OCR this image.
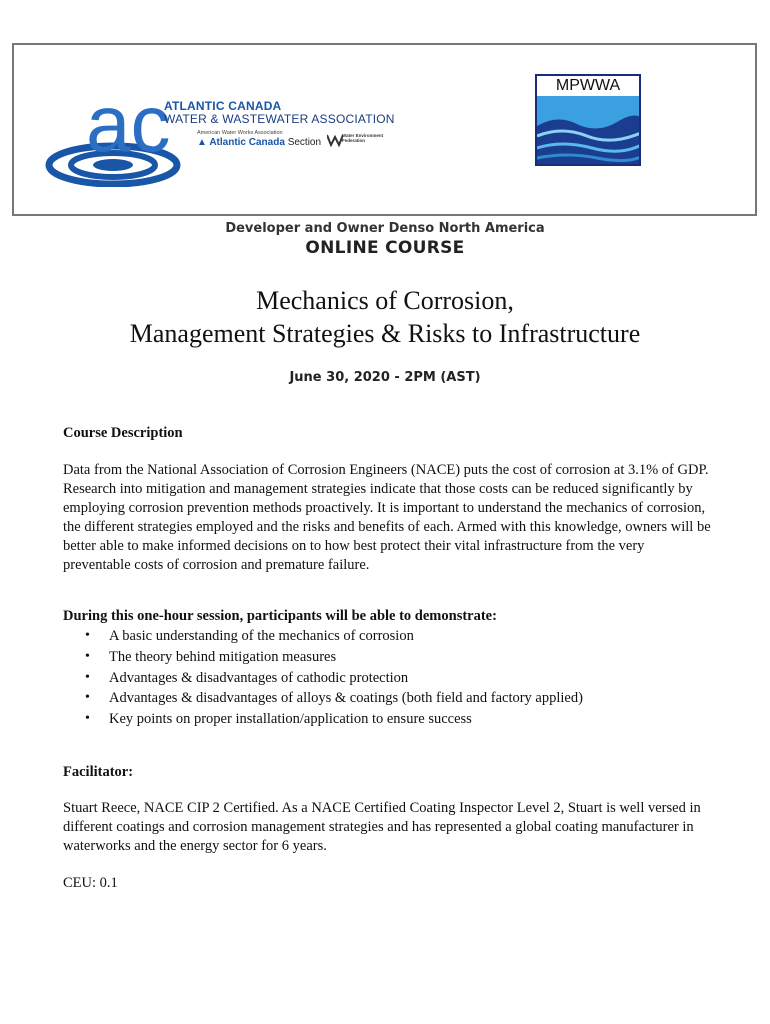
ac
ATLANTIC CANADA
WATER & WASTEWATER ASSOCIATION
American Water Works Association
▲ Atlantic Canada Section
Water Environment Federation
MPWWA
Developer and Owner Denso North America
ONLINE COURSE
Mechanics of Corrosion,
Management Strategies & Risks to Infrastructure
June 30, 2020 - 2PM (AST)
Course Description
Data from the National Association of Corrosion Engineers (NACE) puts the cost of corrosion at 3.1% of GDP. Research into mitigation and management strategies indicate that those costs can be reduced significantly by employing corrosion prevention methods proactively. It is important to understand the mechanics of corrosion, the different strategies employed and the risks and benefits of each. Armed with this knowledge, owners will be better able to make informed decisions on to how best protect their vital infrastructure from the very preventable costs of corrosion and premature failure.
During this one-hour session, participants will be able to demonstrate:
• A basic understanding of the mechanics of corrosion
• The theory behind mitigation measures
• Advantages & disadvantages of cathodic protection
• Advantages & disadvantages of alloys & coatings (both field and factory applied)
• Key points on proper installation/application to ensure success
Facilitator:
Stuart Reece, NACE CIP 2 Certified. As a NACE Certified Coating Inspector Level 2, Stuart is well versed in different coatings and corrosion management strategies and has represented a global coating manufacturer in waterworks and the energy sector for 6 years.
CEU: 0.1
